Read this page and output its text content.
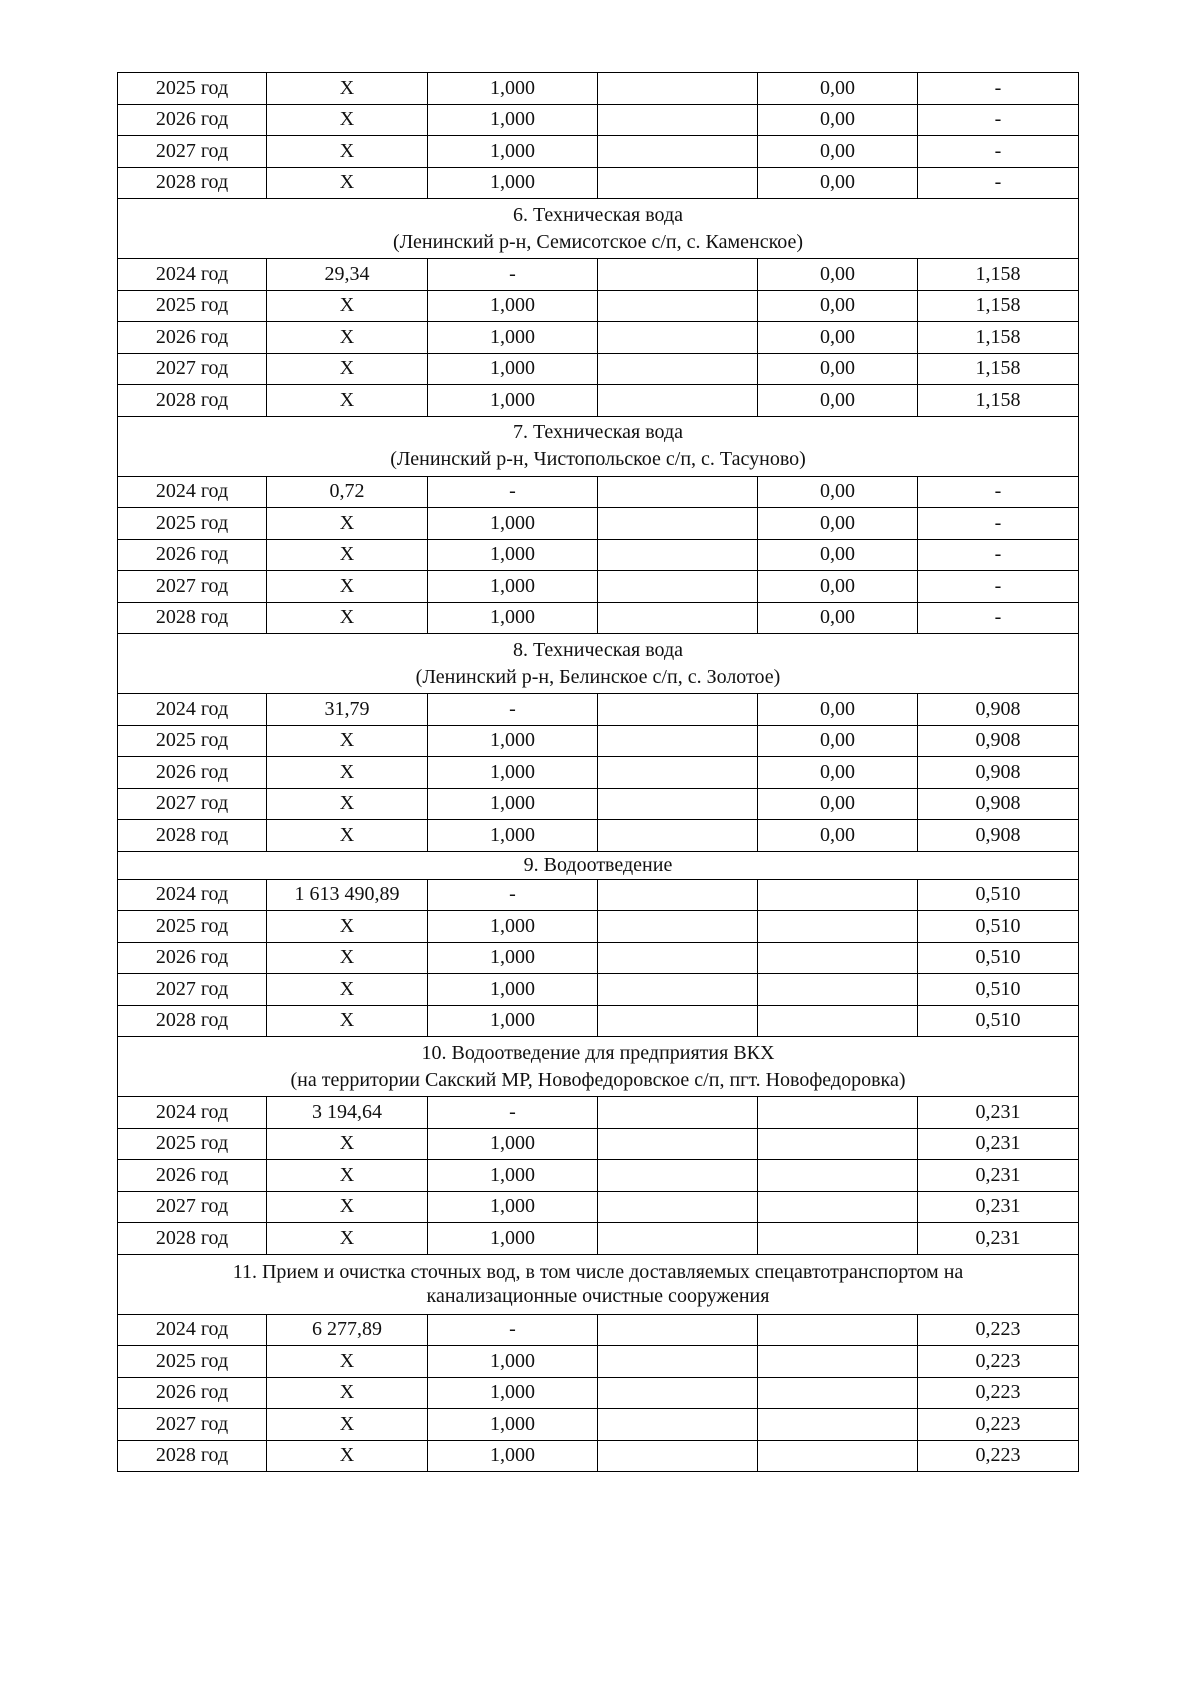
2025 год	Х	1,000		0,00	-
2026 год	Х	1,000		0,00	-
2027 год	Х	1,000		0,00	-
2028 год	Х	1,000		0,00	-

6. Техническая вода
(Ленинский р-н, Семисотское с/п, с. Каменское)					

2024 год	29,34	-		0,00	1,158
2025 год	Х	1,000		0,00	1,158
2026 год	Х	1,000		0,00	1,158
2027 год	Х	1,000		0,00	1,158
2028 год	Х	1,000		0,00	1,158

7. Техническая вода
(Ленинский р-н, Чистопольское с/п, с. Тасуново)					

2024 год	0,72	-		0,00	-
2025 год	Х	1,000		0,00	-
2026 год	Х	1,000		0,00	-
2027 год	Х	1,000		0,00	-
2028 год	Х	1,000		0,00	-

8. Техническая вода
(Ленинский р-н, Белинское с/п, с. Золотое)					

2024 год	31,79	-		0,00	0,908
2025 год	Х	1,000		0,00	0,908
2026 год	Х	1,000		0,00	0,908
2027 год	Х	1,000		0,00	0,908
2028 год	Х	1,000		0,00	0,908

9. Водоотведение					

2024 год	1 613 490,89	-			0,510
2025 год	Х	1,000			0,510
2026 год	Х	1,000			0,510
2027 год	Х	1,000			0,510
2028 год	Х	1,000			0,510

10. Водоотведение для предприятия ВКХ
(на территории Сакский МР, Новофедоровское с/п, пгт. Новофедоровка)					

2024 год	3 194,64	-			0,231
2025 год	Х	1,000			0,231
2026 год	Х	1,000			0,231
2027 год	Х	1,000			0,231
2028 год	Х	1,000			0,231

11. Прием и очистка сточных вод, в том числе доставляемых спецавтотранспортом на
канализационные очистные сооружения					

2024 год	6 277,89	-			0,223
2025 год	Х	1,000			0,223
2026 год	Х	1,000			0,223
2027 год	Х	1,000			0,223
2028 год	Х	1,000			0,223
